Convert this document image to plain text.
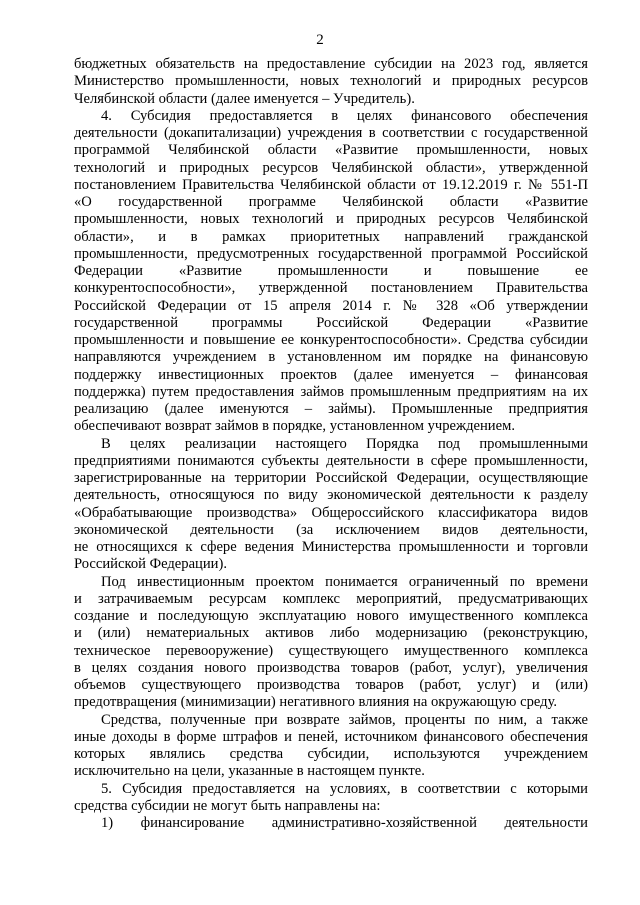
2
бюджетных обязательств на предоставление субсидии на 2023 год, является
Министерство промышленности, новых технологий и природных ресурсов
Челябинской области (далее именуется – Учредитель).
4. Субсидия предоставляется в целях финансового обеспечения
деятельности (докапитализации) учреждения в соответствии с государственной
программой Челябинской области «Развитие промышленности, новых
технологий и природных ресурсов Челябинской области», утвержденной
постановлением Правительства Челябинской области от 19.12.2019 г. № 551-П
«О государственной программе Челябинской области «Развитие
промышленности, новых технологий и природных ресурсов Челябинской
области», и в рамках приоритетных направлений гражданской
промышленности, предусмотренных государственной программой Российской
Федерации «Развитие промышленности и повышение ее
конкурентоспособности», утвержденной постановлением Правительства
Российской Федерации от 15 апреля 2014 г. № 328 «Об утверждении
государственной программы Российской Федерации «Развитие
промышленности и повышение ее конкурентоспособности». Средства субсидии
направляются учреждением в установленном им порядке на финансовую
поддержку инвестиционных проектов (далее именуется – финансовая
поддержка) путем предоставления займов промышленным предприятиям на их
реализацию (далее именуются – займы). Промышленные предприятия
обеспечивают возврат займов в порядке, установленном учреждением.
В целях реализации настоящего Порядка под промышленными
предприятиями понимаются субъекты деятельности в сфере промышленности,
зарегистрированные на территории Российской Федерации, осуществляющие
деятельность, относящуюся по виду экономической деятельности к разделу
«Обрабатывающие производства» Общероссийского классификатора видов
экономической деятельности (за исключением видов деятельности,
не относящихся к сфере ведения Министерства промышленности и торговли
Российской Федерации).
Под инвестиционным проектом понимается ограниченный по времени
и затрачиваемым ресурсам комплекс мероприятий, предусматривающих
создание и последующую эксплуатацию нового имущественного комплекса
и (или) нематериальных активов либо модернизацию (реконструкцию,
техническое перевооружение) существующего имущественного комплекса
в целях создания нового производства товаров (работ, услуг), увеличения
объемов существующего производства товаров (работ, услуг) и (или)
предотвращения (минимизации) негативного влияния на окружающую среду.
Средства, полученные при возврате займов, проценты по ним, а также
иные доходы в форме штрафов и пеней, источником финансового обеспечения
которых являлись средства субсидии, используются учреждением
исключительно на цели, указанные в настоящем пункте.
5. Субсидия предоставляется на условиях, в соответствии с которыми
средства субсидии не могут быть направлены на:
1) финансирование административно-хозяйственной деятельности
